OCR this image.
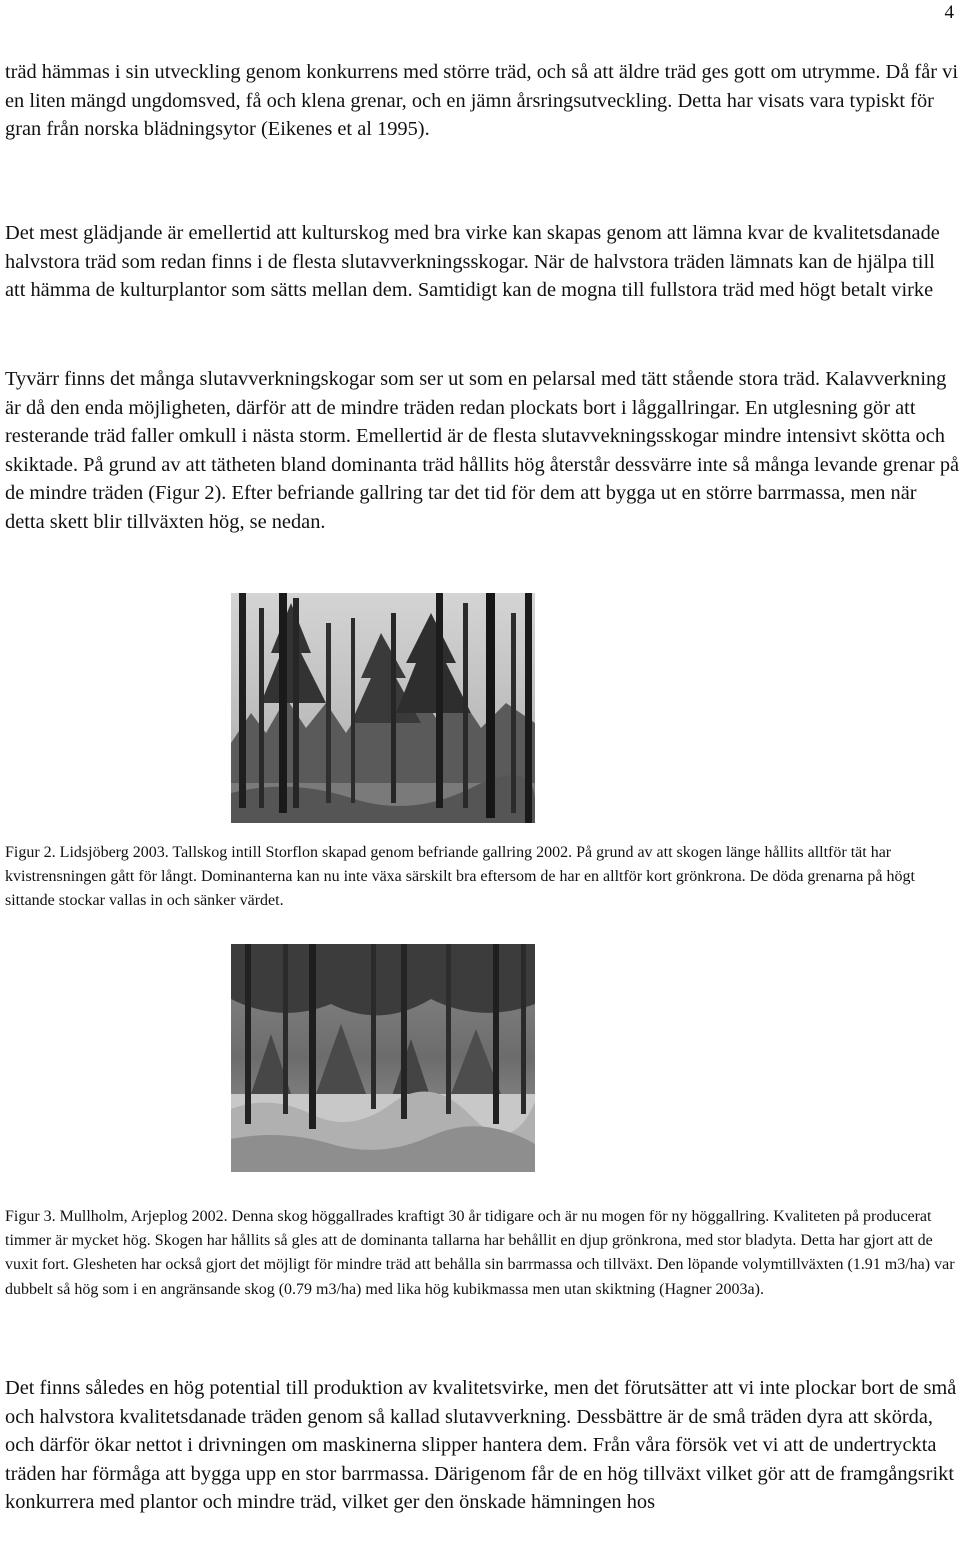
4

träd hämmas i sin utveckling genom konkurrens med större träd, och så att äldre träd ges gott om utrymme. Då får vi en liten mängd ungdomsved, få och klena grenar, och en jämn årsringsutveckling. Detta har visats vara typiskt för gran från norska blädningsytor (Eikenes et al 1995).

Det mest glädjande är emellertid att kulturskog med bra virke kan skapas genom att lämna kvar de kvalitetsdanade halvstora träd som redan finns i de flesta slutavverkningsskogar. När de halvstora träden lämnats kan de hjälpa till att hämma de kulturplantor som sätts mellan dem. Samtidigt kan de mogna till fullstora träd med högt betalt virke

Tyvärr finns det många slutavverkningskogar som ser ut som en pelarsal med tätt stående stora träd. Kalavverkning är då den enda möjligheten, därför att de mindre träden redan plockats bort i låggallringar. En utglesning gör att resterande träd faller omkull i nästa storm. Emellertid är de flesta slutavvekningsskogar mindre intensivt skötta och skiktade. På grund av att tätheten bland dominanta träd hållits hög återstår dessvärre inte så många levande grenar på de mindre träden (Figur 2). Efter befriande gallring tar det tid för dem att bygga ut en större barrmassa, men när detta skett blir tillväxten hög, se nedan.

Figur 2. Lidsjöberg 2003. Tallskog intill Storflon skapad genom befriande gallring 2002. På grund av att skogen länge hållits alltför tät har kvistrensningen gått för långt. Dominanterna kan nu inte växa särskilt bra eftersom de har en alltför kort grönkrona. De döda grenarna på högt sittande stockar vallas in och sänker värdet.

Figur 3. Mullholm, Arjeplog 2002. Denna skog höggallrades kraftigt 30 år tidigare och är nu mogen för ny höggallring. Kvaliteten på producerat timmer är mycket hög. Skogen har hållits så gles att de dominanta tallarna har behållit en djup grönkrona, med stor bladyta. Detta har gjort att de vuxit fort. Glesheten har också gjort det möjligt för mindre träd att behålla sin barrmassa och tillväxt. Den löpande volymtillväxten (1.91 m3/ha) var dubbelt så hög som i en angränsande skog (0.79 m3/ha) med lika hög kubikmassa men utan skiktning (Hagner 2003a).

Det finns således en hög potential till produktion av kvalitetsvirke, men det förutsätter att vi inte plockar bort de små och halvstora kvalitetsdanade träden genom så kallad slutavverkning. Dessbättre är de små träden dyra att skörda, och därför ökar nettot i drivningen om maskinerna slipper hantera dem. Från våra försök vet vi att de undertryckta träden har förmåga att bygga upp en stor barrmassa. Därigenom får de en hög tillväxt vilket gör att de framgångsrikt konkurrera med plantor och mindre träd, vilket ger den önskade hämningen hos
